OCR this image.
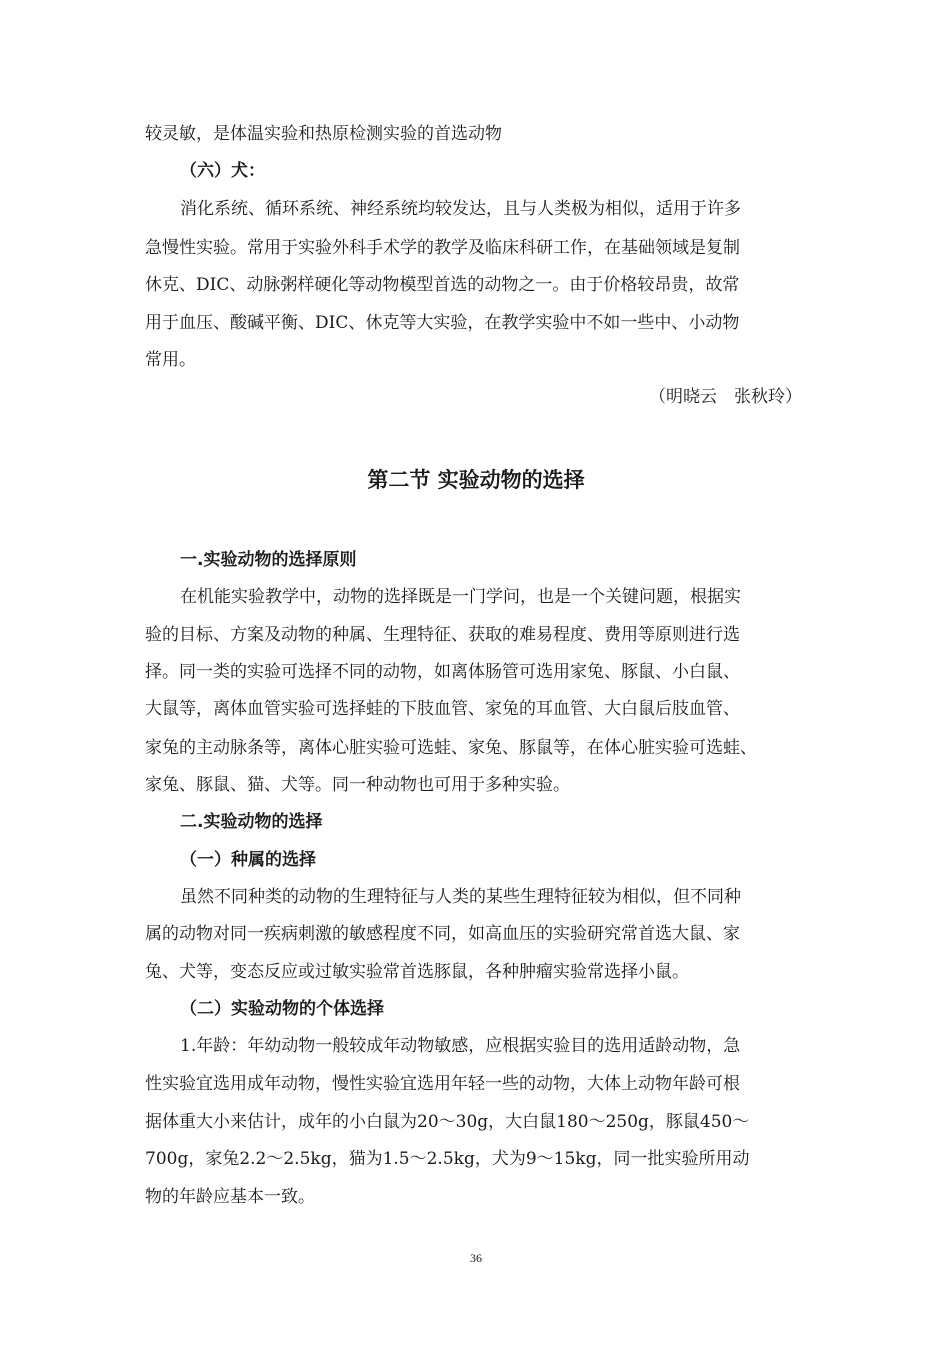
较灵敏，是体温实验和热原检测实验的首选动物
（六）犬：
消化系统、循环系统、神经系统均较发达，且与人类极为相似，适用于许多
急慢性实验。常用于实验外科手术学的教学及临床科研工作，在基础领域是复制
休克、DIC、动脉粥样硬化等动物模型首选的动物之一。由于价格较昂贵，故常
用于血压、酸碱平衡、DIC、休克等大实验，在教学实验中不如一些中、小动物
常用。
（明晓云　张秋玲）
第二节 实验动物的选择
一.实验动物的选择原则
在机能实验教学中，动物的选择既是一门学问，也是一个关键问题，根据实
验的目标、方案及动物的种属、生理特征、获取的难易程度、费用等原则进行选
择。同一类的实验可选择不同的动物，如离体肠管可选用家兔、豚鼠、小白鼠、
大鼠等，离体血管实验可选择蛙的下肢血管、家兔的耳血管、大白鼠后肢血管、
家兔的主动脉条等，离体心脏实验可选蛙、家兔、豚鼠等，在体心脏实验可选蛙、
家兔、豚鼠、猫、犬等。同一种动物也可用于多种实验。
二.实验动物的选择
（一）种属的选择
虽然不同种类的动物的生理特征与人类的某些生理特征较为相似，但不同种
属的动物对同一疾病刺激的敏感程度不同，如高血压的实验研究常首选大鼠、家
兔、犬等，变态反应或过敏实验常首选豚鼠，各种肿瘤实验常选择小鼠。
（二）实验动物的个体选择
1.年龄：年幼动物一般较成年动物敏感，应根据实验目的选用适龄动物，急
性实验宜选用成年动物，慢性实验宜选用年轻一些的动物，大体上动物年龄可根
据体重大小来估计，成年的小白鼠为20～30g，大白鼠180～250g，豚鼠450～
700g，家兔2.2～2.5kg，猫为1.5～2.5kg，犬为9～15kg，同一批实验所用动
物的年龄应基本一致。
36
